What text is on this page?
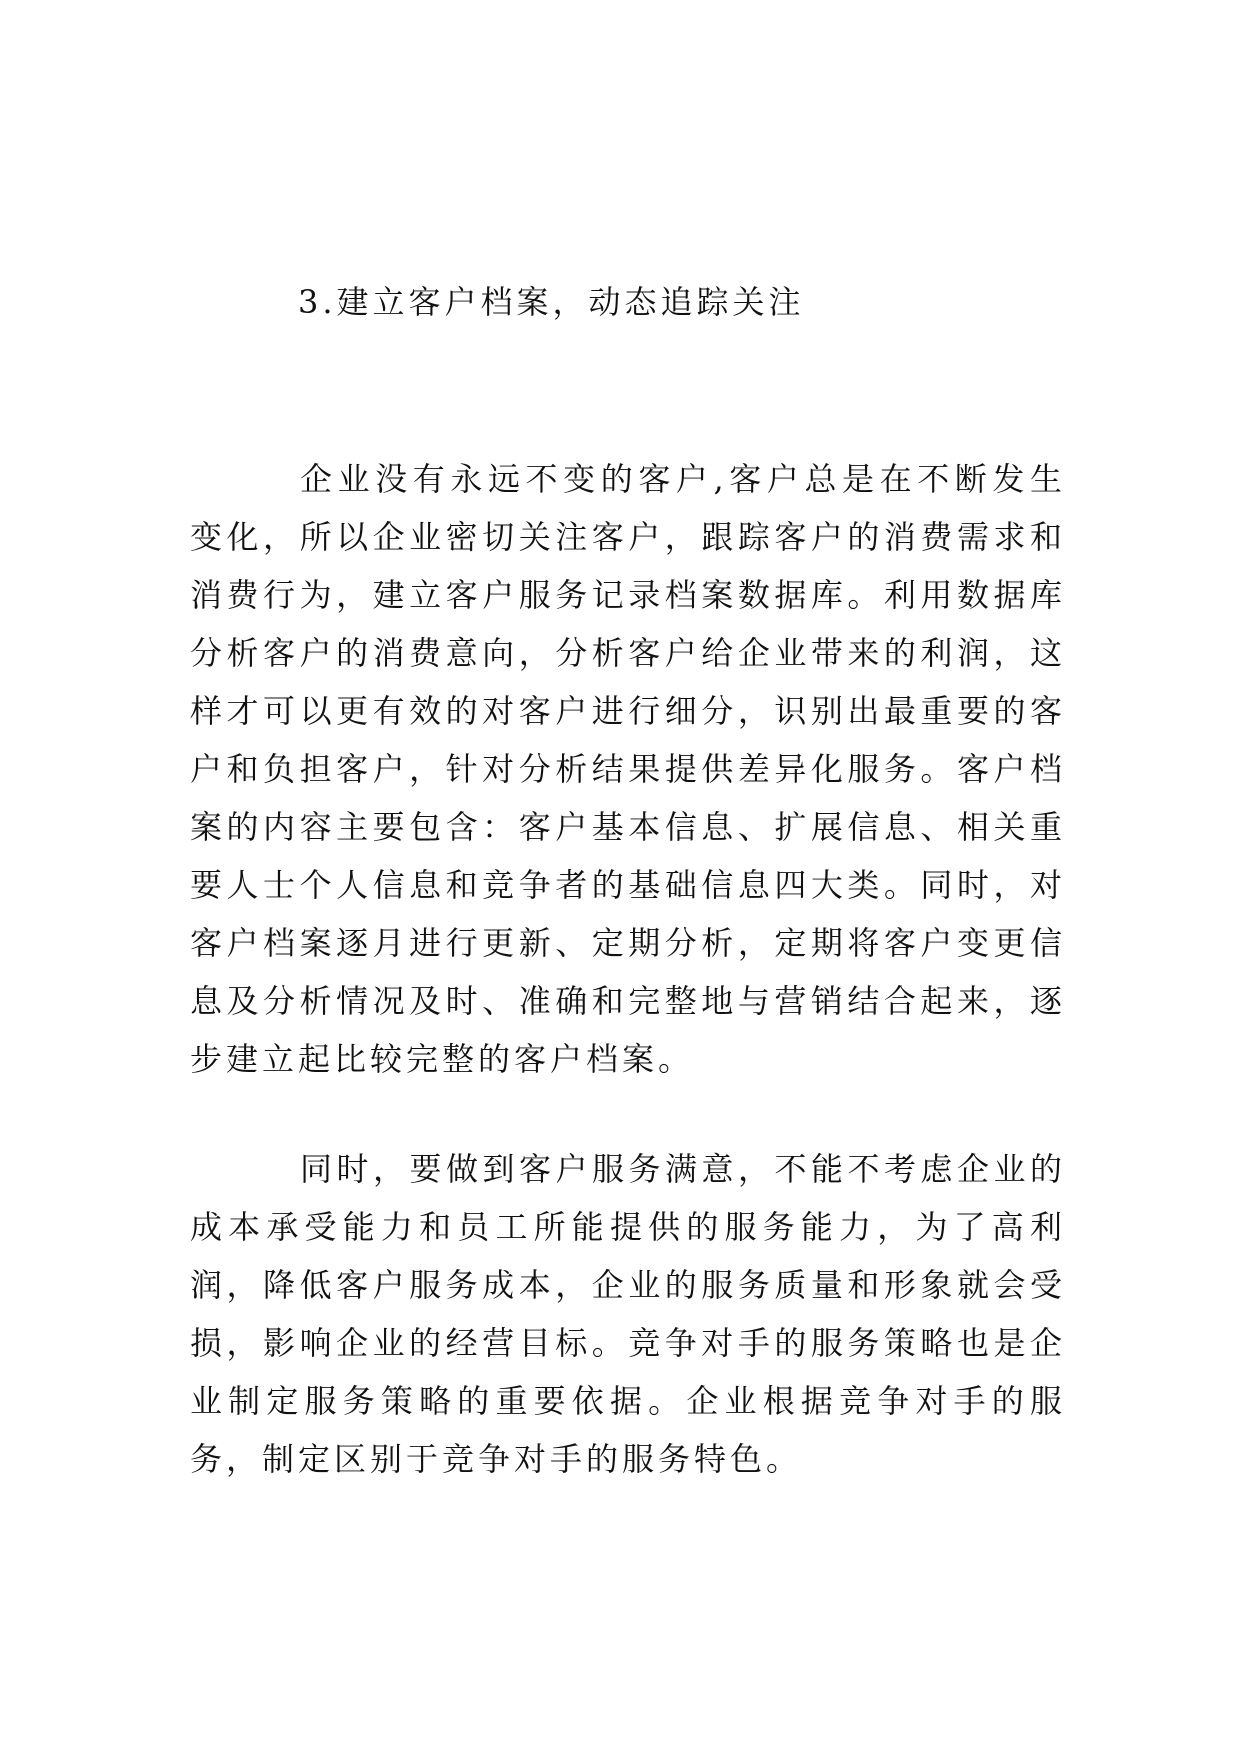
3.建立客户档案，动态追踪关注

企业没有永远不变的客户,客户总是在不断发生变化，所以企业密切关注客户，跟踪客户的消费需求和消费行为，建立客户服务记录档案数据库。利用数据库分析客户的消费意向，分析客户给企业带来的利润，这样才可以更有效的对客户进行细分，识别出最重要的客户和负担客户，针对分析结果提供差异化服务。客户档案的内容主要包含：客户基本信息、扩展信息、相关重要人士个人信息和竞争者的基础信息四大类。同时，对客户档案逐月进行更新、定期分析，定期将客户变更信息及分析情况及时、准确和完整地与营销结合起来，逐步建立起比较完整的客户档案。

同时，要做到客户服务满意，不能不考虑企业的成本承受能力和员工所能提供的服务能力，为了高利润，降低客户服务成本，企业的服务质量和形象就会受损，影响企业的经营目标。竞争对手的服务策略也是企业制定服务策略的重要依据。企业根据竞争对手的服务，制定区别于竞争对手的服务特色。
